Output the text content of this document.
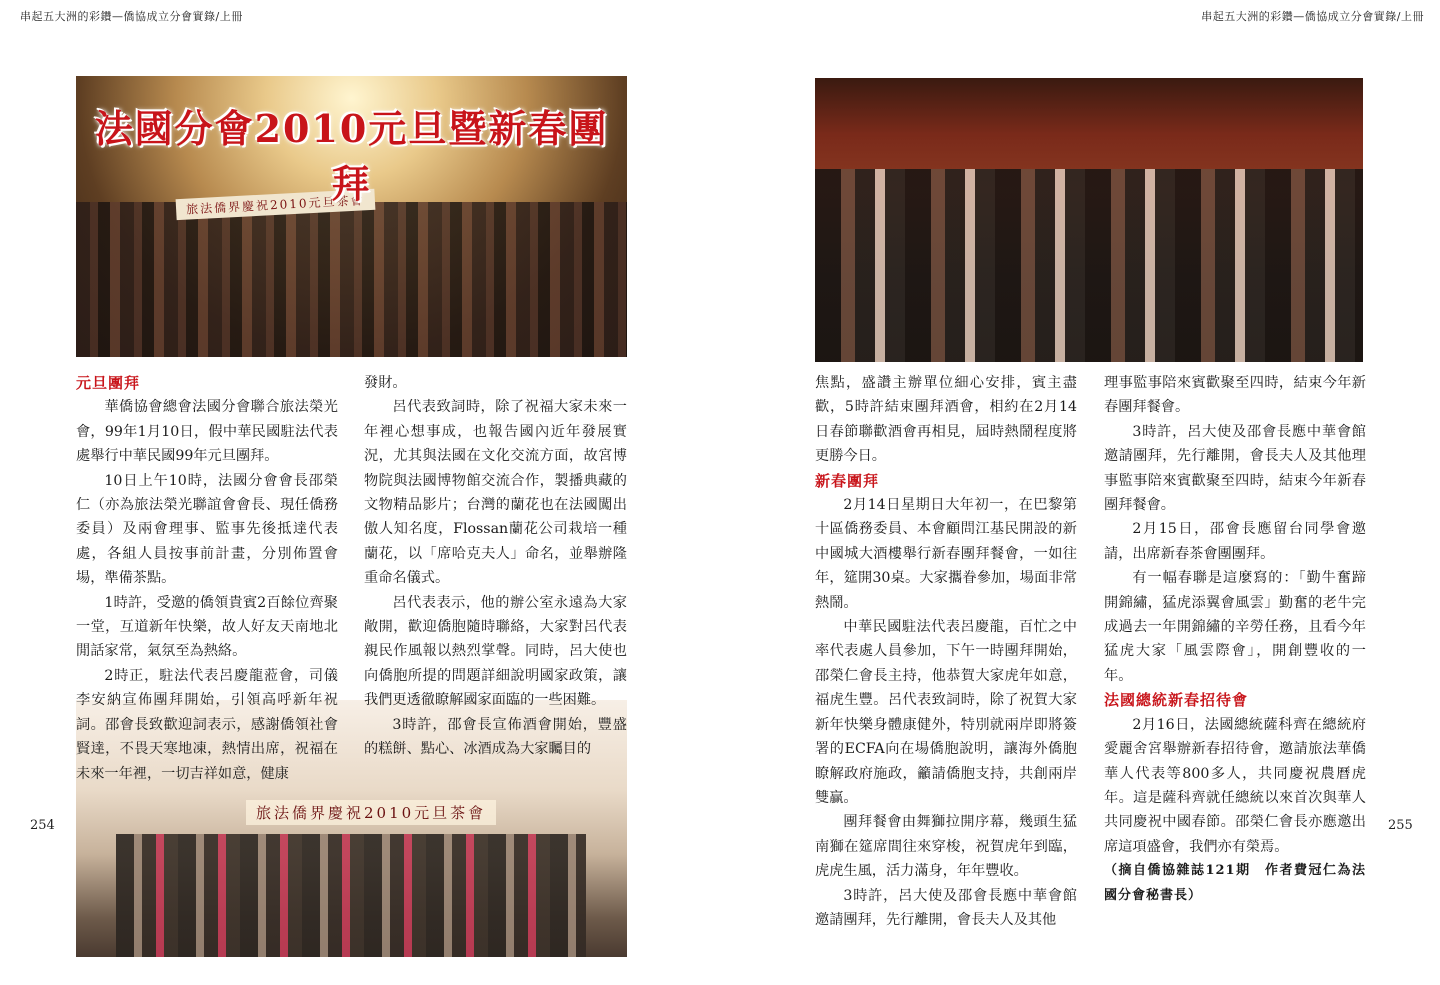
串起五大洲的彩鑽—僑協成立分會實錄/上冊	串起五大洲的彩鑽—僑協成立分會實錄/上冊
旅法僑界慶祝2010元旦茶會
法國分會2010元旦暨新春團拜
旅法僑界慶祝2010元旦茶會

元旦團拜

華僑協會總會法國分會聯合旅法榮光會，99年1月10日，假中華民國駐法代表處舉行中華民國99年元旦團拜。

10日上午10時，法國分會會長邵榮仁（亦為旅法榮光聯誼會會長、現任僑務委員）及兩會理事、監事先後抵達代表處，各組人員按事前計畫，分別佈置會場，準備茶點。

1時許，受邀的僑領貴賓2百餘位齊聚一堂，互道新年快樂，故人好友天南地北閒話家常，氣氛至為熱絡。

2時正，駐法代表呂慶龍蒞會，司儀李安納宣佈團拜開始，引領高呼新年祝詞。邵會長致歡迎詞表示，感謝僑領社會賢達，不畏天寒地凍，熱情出席，祝福在未來一年裡，一切吉祥如意，健康

發財。

呂代表致詞時，除了祝福大家未來一年裡心想事成，也報告國內近年發展實況，尤其與法國在文化交流方面，故宮博物院與法國博物館交流合作，製播典藏的文物精品影片；台灣的蘭花也在法國闖出傲人知名度，Flossan蘭花公司栽培一種蘭花，以「席哈克夫人」命名，並舉辦隆重命名儀式。

呂代表表示，他的辦公室永遠為大家敞開，歡迎僑胞隨時聯絡，大家對呂代表親民作風報以熱烈掌聲。同時，呂大使也向僑胞所提的問題詳細說明國家政策，讓我們更透徹瞭解國家面臨的一些困難。

3時許，邵會長宣佈酒會開始，豐盛的糕餅、點心、冰酒成為大家矚目的

焦點，盛讚主辦單位細心安排，賓主盡歡，5時許結束團拜酒會，相約在2月14日春節聯歡酒會再相見，屆時熱鬧程度將更勝今日。

新春團拜

2月14日星期日大年初一，在巴黎第十區僑務委員、本會顧問江基民開設的新中國城大酒樓舉行新春團拜餐會，一如往年，筵開30桌。大家攜眷參加，場面非常熱鬧。

中華民國駐法代表呂慶龍，百忙之中率代表處人員參加，下午一時團拜開始，邵榮仁會長主持，他恭賀大家虎年如意，福虎生豐。呂代表致詞時，除了祝賀大家新年快樂身體康健外，特別就兩岸即將簽署的ECFA向在場僑胞說明，讓海外僑胞瞭解政府施政，籲請僑胞支持，共創兩岸雙贏。

團拜餐會由舞獅拉開序幕，幾頭生猛南獅在筵席間往來穿梭，祝賀虎年到臨，虎虎生風，活力滿身，年年豐收。

3時許，呂大使及邵會長應中華會館邀請團拜，先行離開，會長夫人及其他

理事監事陪來賓歡聚至四時，結束今年新春團拜餐會。

3時許，呂大使及邵會長應中華會館邀請團拜，先行離開，會長夫人及其他理事監事陪來賓歡聚至四時，結束今年新春團拜餐會。

2月15日，邵會長應留台同學會邀請，出席新春茶會團團拜。

有一幅春聯是這麼寫的：「勤牛奮蹄開錦繡，猛虎添翼會風雲」勤奮的老牛完成過去一年開錦繡的辛勞任務，且看今年猛虎大家「風雲際會」，開創豐收的一年。

法國總統新春招待會

2月16日，法國總統薩科齊在總統府愛麗舍宮舉辦新春招待會，邀請旅法華僑華人代表等800多人，共同慶祝農曆虎年。這是薩科齊就任總統以來首次與華人共同慶祝中國春節。邵榮仁會長亦應邀出席這項盛會，我們亦有榮焉。

（摘自僑協雜誌121期　作者費冠仁為法國分會秘書長）

254	255
